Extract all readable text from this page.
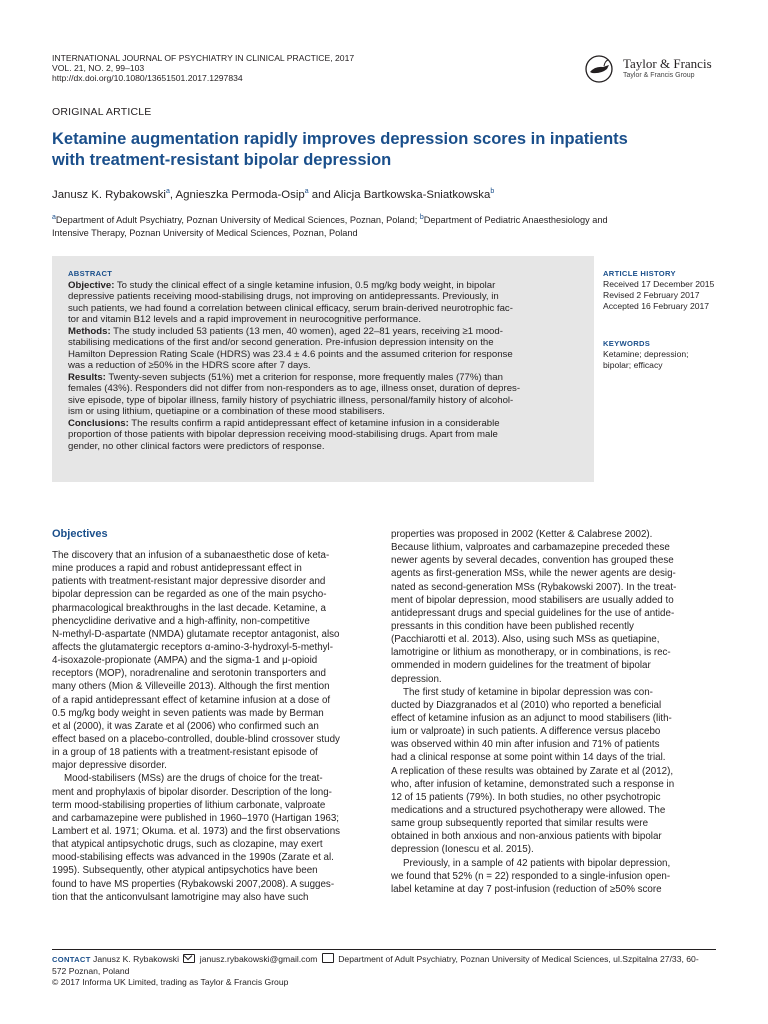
INTERNATIONAL JOURNAL OF PSYCHIATRY IN CLINICAL PRACTICE, 2017
VOL. 21, NO. 2, 99–103
http://dx.doi.org/10.1080/13651501.2017.1297834
Taylor & Francis
Taylor & Francis Group
ORIGINAL ARTICLE
Ketamine augmentation rapidly improves depression scores in inpatients
with treatment-resistant bipolar depression
Janusz K. Rybakowski$^a$, Agnieszka Permoda-Osip$^a$ and Alicja Bartkowska-Sniatkowska$^b$
$^a$Department of Adult Psychiatry, Poznan University of Medical Sciences, Poznan, Poland; $^b$Department of Pediatric Anaesthesiology and
Intensive Therapy, Poznan University of Medical Sciences, Poznan, Poland
ABSTRACT
Objective: To study the clinical effect of a single ketamine infusion, 0.5 mg/kg body weight, in bipolar
depressive patients receiving mood-stabilising drugs, not improving on antidepressants. Previously, in
such patients, we had found a correlation between clinical efficacy, serum brain-derived neurotrophic fac-
tor and vitamin B12 levels and a rapid improvement in neurocognitive performance.
Methods: The study included 53 patients (13 men, 40 women), aged 22–81 years, receiving ≥1 mood-
stabilising medications of the first and/or second generation. Pre-infusion depression intensity on the
Hamilton Depression Rating Scale (HDRS) was 23.4 ± 4.6 points and the assumed criterion for response
was a reduction of ≥50% in the HDRS score after 7 days.
Results: Twenty-seven subjects (51%) met a criterion for response, more frequently males (77%) than
females (43%). Responders did not differ from non-responders as to age, illness onset, duration of depres-
sive episode, type of bipolar illness, family history of psychiatric illness, personal/family history of alcohol-
ism or using lithium, quetiapine or a combination of these mood stabilisers.
Conclusions: The results confirm a rapid antidepressant effect of ketamine infusion in a considerable
proportion of those patients with bipolar depression receiving mood-stabilising drugs. Apart from male
gender, no other clinical factors were predictors of response.
ARTICLE HISTORY
Received 17 December 2015
Revised 2 February 2017
Accepted 16 February 2017
KEYWORDS
Ketamine; depression;
bipolar; efficacy
Objectives
The discovery that an infusion of a subanaesthetic dose of keta-
mine produces a rapid and robust antidepressant effect in
patients with treatment-resistant major depressive disorder and
bipolar depression can be regarded as one of the main psycho-
pharmacological breakthroughs in the last decade. Ketamine, a
phencyclidine derivative and a high-affinity, non-competitive
N-methyl-D-aspartate (NMDA) glutamate receptor antagonist, also
affects the glutamatergic receptors α-amino-3-hydroxyl-5-methyl-
4-isoxazole-propionate (AMPA) and the sigma-1 and μ-opioid
receptors (MOP), noradrenaline and serotonin transporters and
many others (Mion & Villeveille 2013). Although the first mention
of a rapid antidepressant effect of ketamine infusion at a dose of
0.5 mg/kg body weight in seven patients was made by Berman
et al (2000), it was Zarate et al (2006) who confirmed such an
effect based on a placebo-controlled, double-blind crossover study
in a group of 18 patients with a treatment-resistant episode of
major depressive disorder.
Mood-stabilisers (MSs) are the drugs of choice for the treat-
ment and prophylaxis of bipolar disorder. Description of the long-
term mood-stabilising properties of lithium carbonate, valproate
and carbamazepine were published in 1960–1970 (Hartigan 1963;
Lambert et al. 1971; Okuma. et al. 1973) and the first observations
that atypical antipsychotic drugs, such as clozapine, may exert
mood-stabilising effects was advanced in the 1990s (Zarate et al.
1995). Subsequently, other atypical antipsychotics have been
found to have MS properties (Rybakowski 2007,2008). A sugges-
tion that the anticonvulsant lamotrigine may also have such
properties was proposed in 2002 (Ketter & Calabrese 2002).
Because lithium, valproates and carbamazepine preceded these
newer agents by several decades, convention has grouped these
agents as first-generation MSs, while the newer agents are desig-
nated as second-generation MSs (Rybakowski 2007). In the treat-
ment of bipolar depression, mood stabilisers are usually added to
antidepressant drugs and special guidelines for the use of antide-
pressants in this condition have been published recently
(Pacchiarotti et al. 2013). Also, using such MSs as quetiapine,
lamotrigine or lithium as monotherapy, or in combinations, is rec-
ommended in modern guidelines for the treatment of bipolar
depression.
The first study of ketamine in bipolar depression was con-
ducted by Diazgranados et al (2010) who reported a beneficial
effect of ketamine infusion as an adjunct to mood stabilisers (lith-
ium or valproate) in such patients. A difference versus placebo
was observed within 40 min after infusion and 71% of patients
had a clinical response at some point within 14 days of the trial.
A replication of these results was obtained by Zarate et al (2012),
who, after infusion of ketamine, demonstrated such a response in
12 of 15 patients (79%). In both studies, no other psychotropic
medications and a structured psychotherapy were allowed. The
same group subsequently reported that similar results were
obtained in both anxious and non-anxious patients with bipolar
depression (Ionescu et al. 2015).
Previously, in a sample of 42 patients with bipolar depression,
we found that 52% (n = 22) responded to a single-infusion open-
label ketamine at day 7 post-infusion (reduction of ≥50% score
CONTACT Janusz K. Rybakowski janusz.rybakowski@gmail.com Department of Adult Psychiatry, Poznan University of Medical Sciences, ul.Szpitalna 27/33, 60-
572 Poznan, Poland
© 2017 Informa UK Limited, trading as Taylor & Francis Group
